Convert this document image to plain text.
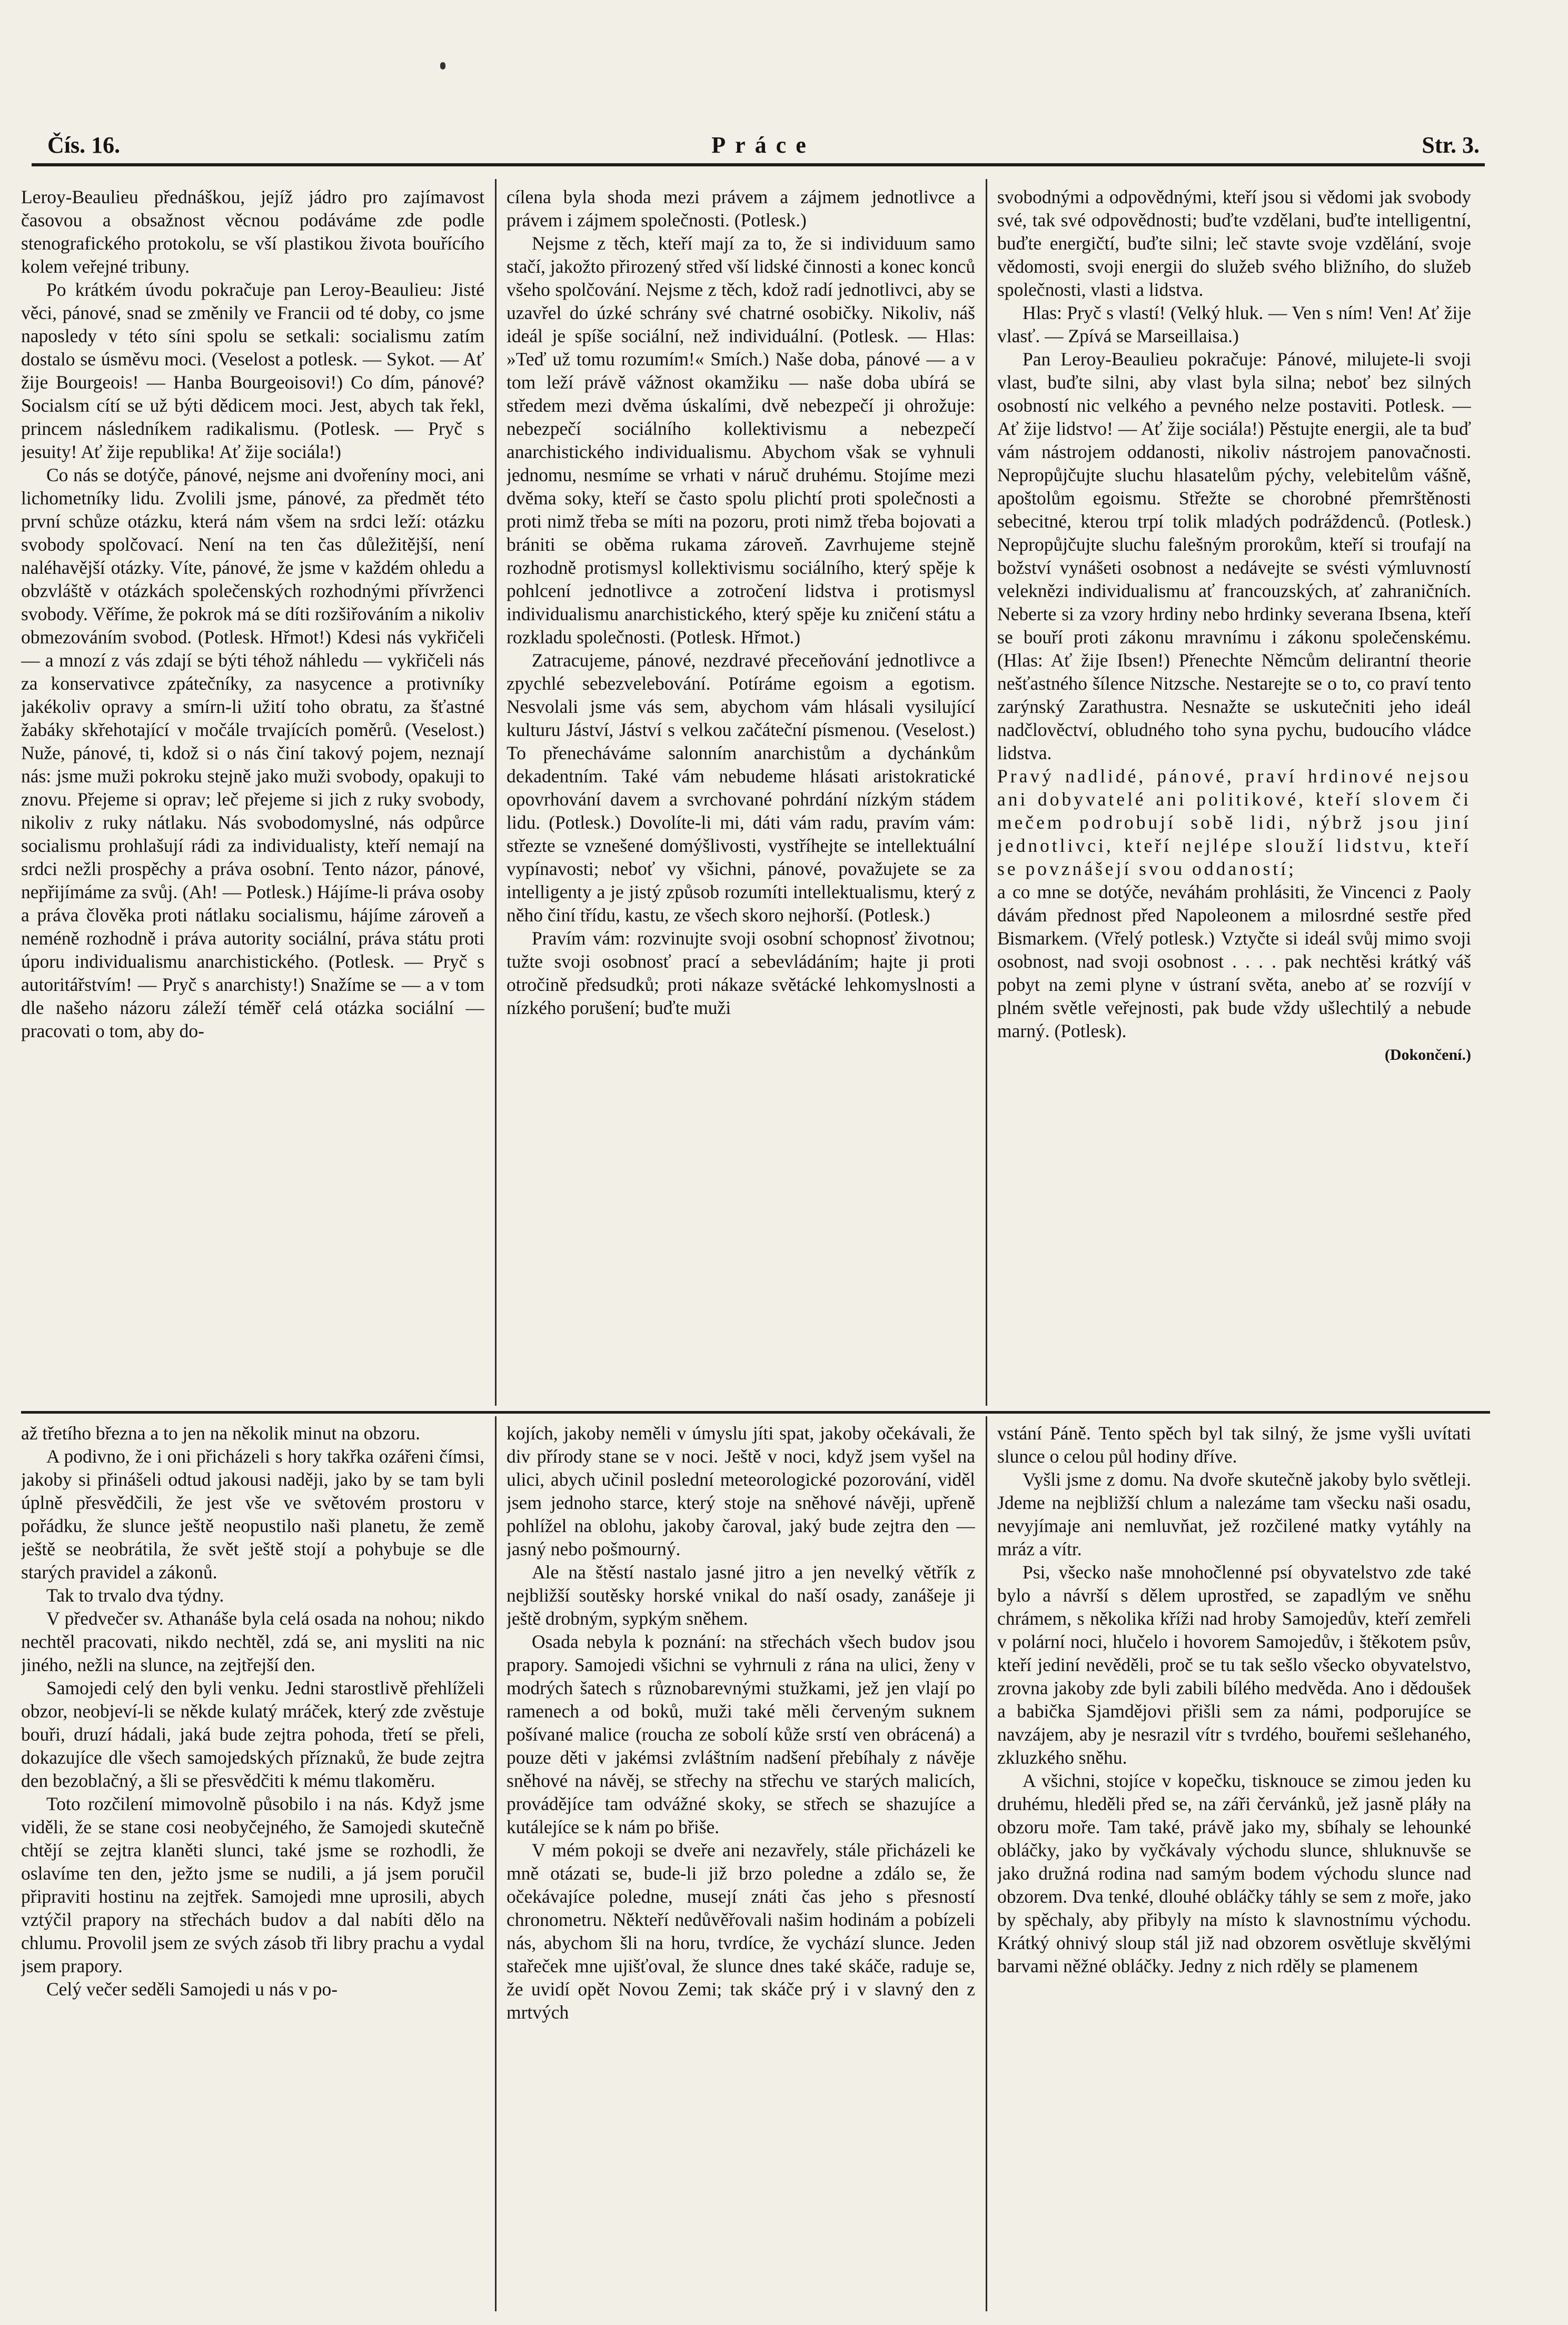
Čís. 16.	Práce	Str. 3.

Leroy-Beaulieu přednáškou, jejíž jádro pro zajímavost časovou a obsažnost věcnou podáváme zde podle stenografického protokolu, se vší plastikou života bouřícího kolem veřejné tribuny.

Po krátkém úvodu pokračuje pan Leroy-Beaulieu: Jisté věci, pánové, snad se změnily ve Francii od té doby, co jsme naposledy v této síni spolu se setkali: socialismu zatím dostalo se úsměvu moci. (Veselost a potlesk. — Sykot. — Ať žije Bourgeois! — Hanba Bourgeoisovi!) Co dím, pánové? Socialsm cítí se už býti dědicem moci. Jest, abych tak řekl, princem následníkem radikalismu. (Potlesk. — Pryč s jesuity! Ať žije republika! Ať žije sociála!)

Co nás se dotýče, pánové, nejsme ani dvořeníny moci, ani lichometníky lidu. Zvolili jsme, pánové, za předmět této první schůze otázku, která nám všem na srdci leží: otázku svobody spolčovací. Není na ten čas důležitější, není naléhavější otázky. Víte, pánové, že jsme v každém ohledu a obzvláště v otázkách společenských rozhodnými přívrženci svobody. Věříme, že pokrok má se díti rozšiřováním a nikoliv obmezováním svobod. (Potlesk. Hřmot!) Kdesi nás vykřičeli — a mnozí z vás zdají se býti téhož náhledu — vykřičeli nás za konservativce zpátečníky, za nasycence a protivníky jakékoliv opravy a smírn-li užití toho obratu, za šťastné žabáky skřehotající v močále trvajících poměrů. (Veselost.) Nuže, pánové, ti, kdož si o nás činí takový pojem, neznají nás: jsme muži pokroku stejně jako muži svobody, opakuji to znovu. Přejeme si oprav; leč přejeme si jich z ruky svobody, nikoliv z ruky nátlaku. Nás svobodomyslné, nás odpůrce socialismu prohlašují rádi za individualisty, kteří nemají na srdci nežli prospěchy a práva osobní. Tento názor, pánové, nepřijímáme za svůj. (Ah! — Potlesk.) Hájíme-li práva osoby a práva člověka proti nátlaku socialismu, hájíme zároveň a neméně rozhodně i práva autority sociální, práva státu proti úporu individualismu anarchistického. (Potlesk. — Pryč s autoritářstvím! — Pryč s anarchisty!) Snažíme se — a v tom dle našeho názoru záleží téměř celá otázka sociální — pracovati o tom, aby do-

cílena byla shoda mezi právem a zájmem jednotlivce a právem i zájmem společnosti. (Potlesk.)

Nejsme z těch, kteří mají za to, že si individuum samo stačí, jakožto přirozený střed vší lidské činnosti a konec konců všeho spolčování. Nejsme z těch, kdož radí jednotlivci, aby se uzavřel do úzké schrány své chatrné osobičky. Nikoliv, náš ideál je spíše sociální, než individuální. (Potlesk. — Hlas: »Teď už tomu rozumím!« Smích.) Naše doba, pánové — a v tom leží právě vážnost okamžiku — naše doba ubírá se středem mezi dvěma úskalími, dvě nebezpečí ji ohrožuje: nebezpečí sociálního kollektivismu a nebezpečí anarchistického individualismu. Abychom však se vyhnuli jednomu, nesmíme se vrhati v náruč druhému. Stojíme mezi dvěma soky, kteří se často spolu plichtí proti společnosti a proti nimž třeba se míti na pozoru, proti nimž třeba bojovati a brániti se oběma rukama zároveň. Zavrhujeme stejně rozhodně protismysl kollektivismu sociálního, který spěje k pohlcení jednotlivce a zotročení lidstva i protismysl individualismu anarchistického, který spěje ku zničení státu a rozkladu společnosti. (Potlesk. Hřmot.)

Zatracujeme, pánové, nezdravé přeceňování jednotlivce a zpychlé sebezvelebování. Potíráme egoism a egotism. Nesvolali jsme vás sem, abychom vám hlásali vysilující kulturu Jáství, Jáství s velkou začáteční písmenou. (Veselost.) To přenecháváme salonním anarchistům a dychánkům dekadentním. Také vám nebudeme hlásati aristokratické opovrhování davem a svrchované pohrdání nízkým stádem lidu. (Potlesk.) Dovolíte-li mi, dáti vám radu, pravím vám: střezte se vznešené domýšlivosti, vystříhejte se intellektuální vypínavosti; neboť vy všichni, pánové, považujete se za intelligenty a je jistý způsob rozumíti intellektualismu, který z něho činí třídu, kastu, ze všech skoro nejhorší. (Potlesk.)

Pravím vám: rozvinujte svoji osobní schopnosť životnou; tužte svoji osobnosť prací a sebevládáním; hajte ji proti otročině předsudků; proti nákaze světácké lehkomyslnosti a nízkého porušení; buďte muži

svobodnými a odpovědnými, kteří jsou si vědomi jak svobody své, tak své odpovědnosti; buďte vzdělani, buďte intelligentní, buďte energičtí, buďte silni; leč stavte svoje vzdělání, svoje vědomosti, svoji energii do služeb svého bližního, do služeb společnosti, vlasti a lidstva.

Hlas: Pryč s vlastí! (Velký hluk. — Ven s ním! Ven! Ať žije vlasť. — Zpívá se Marseillaisa.)

Pan Leroy-Beaulieu pokračuje: Pánové, milujete-li svoji vlast, buďte silni, aby vlast byla silna; neboť bez silných osobností nic velkého a pevného nelze postaviti. Potlesk. — Ať žije lidstvo! — Ať žije sociála!) Pěstujte energii, ale ta buď vám nástrojem oddanosti, nikoliv nástrojem panovačnosti. Nepropůjčujte sluchu hlasatelům pýchy, velebitelům vášně, apoštolům egoismu. Střežte se chorobné přemrštěnosti sebecitné, kterou trpí tolik mladých podráždenců. (Potlesk.) Nepropůjčujte sluchu falešným prorokům, kteří si troufají na božství vynášeti osobnost a nedávejte se svésti výmluvností veleknězi individualismu ať francouzských, ať zahraničních. Neberte si za vzory hrdiny nebo hrdinky severana Ibsena, kteří se bouří proti zákonu mravnímu i zákonu společenskému. (Hlas: Ať žije Ibsen!) Přenechte Němcům delirantní theorie nešťastného šílence Nitzsche. Nestarejte se o to, co praví tento zarýnský Zarathustra. Nesnažte se uskutečniti jeho ideál nadčlověctví, obludného toho syna pychu, budoucího vládce lidstva.

Pravý nadlidé, pánové, praví hrdinové nejsou ani dobyvatelé ani politikové, kteří slovem či mečem podrobují sobě lidi, nýbrž jsou jiní jednotlivci, kteří nejlépe slouží lidstvu, kteří se povznášejí svou oddaností;

a co mne se dotýče, neváhám prohlásiti, že Vincenci z Paoly dávám přednost před Napoleonem a milosrdné sestře před Bismarkem. (Vřelý potlesk.) Vztyčte si ideál svůj mimo svoji osobnost, nad svoji osobnost . . . . pak nechtěsi krátký váš pobyt na zemi plyne v ústraní světa, anebo ať se rozvíjí v plném světle veřejnosti, pak bude vždy ušlechtilý a nebude marný. (Potlesk).

(Dokončení.)

až třetího března a to jen na několik minut na obzoru.

A podivno, že i oni přicházeli s hory takřka ozářeni čímsi, jakoby si přinášeli odtud jakousi naději, jako by se tam byli úplně přesvědčili, že jest vše ve světovém prostoru v pořádku, že slunce ještě neopustilo naši planetu, že země ještě se neobrátila, že svět ještě stojí a pohybuje se dle starých pravidel a zákonů.

Tak to trvalo dva týdny.

V předvečer sv. Athanáše byla celá osada na nohou; nikdo nechtěl pracovati, nikdo nechtěl, zdá se, ani mysliti na nic jiného, nežli na slunce, na zejtřejší den.

Samojedi celý den byli venku. Jedni starostlivě přehlíželi obzor, neobjeví-li se někde kulatý mráček, který zde zvěstuje bouři, druzí hádali, jaká bude zejtra pohoda, třetí se přeli, dokazujíce dle všech samojedských příznaků, že bude zejtra den bezoblačný, a šli se přesvědčiti k mému tlakoměru.

Toto rozčilení mimovolně působilo i na nás. Když jsme viděli, že se stane cosi neobyčejného, že Samojedi skutečně chtějí se zejtra klaněti slunci, také jsme se rozhodli, že oslavíme ten den, ježto jsme se nudili, a já jsem poručil připraviti hostinu na zejtřek. Samojedi mne uprosili, abych vztýčil prapory na střechách budov a dal nabíti dělo na chlumu. Provolil jsem ze svých zásob tři libry prachu a vydal jsem prapory.

Celý večer seděli Samojedi u nás v po-

kojích, jakoby neměli v úmyslu jíti spat, jakoby očekávali, že div přírody stane se v noci. Ještě v noci, když jsem vyšel na ulici, abych učinil poslední meteorologické pozorování, viděl jsem jednoho starce, který stoje na sněhové návěji, upřeně pohlížel na oblohu, jakoby čaroval, jaký bude zejtra den — jasný nebo pošmourný.

Ale na štěstí nastalo jasné jitro a jen nevelký větřík z nejbližší soutěsky horské vnikal do naší osady, zanášeje ji ještě drobným, sypkým sněhem.

Osada nebyla k poznání: na střechách všech budov jsou prapory. Samojedi všichni se vyhrnuli z rána na ulici, ženy v modrých šatech s různobarevnými stužkami, jež jen vlají po ramenech a od boků, muži také měli červeným suknem pošívané malice (roucha ze sobolí kůže srstí ven obrácená) a pouze děti v jakémsi zvláštním nadšení přebíhaly z návěje sněhové na návěj, se střechy na střechu ve starých malicích, provádějíce tam odvážné skoky, se střech se shazujíce a kutálejíce se k nám po břiše.

V mém pokoji se dveře ani nezavřely, stále přicházeli ke mně otázati se, bude-li již brzo poledne a zdálo se, že očekávajíce poledne, musejí znáti čas jeho s přesností chronometru. Někteří nedůvěřovali našim hodinám a pobízeli nás, abychom šli na horu, tvrdíce, že vychází slunce. Jeden stařeček mne ujišťoval, že slunce dnes také skáče, raduje se, že uvidí opět Novou Zemi; tak skáče prý i v slavný den z mrtvých

vstání Páně. Tento spěch byl tak silný, že jsme vyšli uvítati slunce o celou půl hodiny dříve.

Vyšli jsme z domu. Na dvoře skutečně jakoby bylo světleji. Jdeme na nejbližší chlum a nalezáme tam všecku naši osadu, nevyjímaje ani nemluvňat, jež rozčilené matky vytáhly na mráz a vítr.

Psi, všecko naše mnohočlenné psí obyvatelstvo zde také bylo a návrší s dělem uprostřed, se zapadlým ve sněhu chrámem, s několika kříži nad hroby Samojedův, kteří zemřeli v polární noci, hlučelo i hovorem Samojedův, i štěkotem psův, kteří jediní nevěděli, proč se tu tak sešlo všecko obyvatelstvo, zrovna jakoby zde byli zabili bílého medvěda. Ano i dědoušek a babička Sjamdějovi přišli sem za námi, podporujíce se navzájem, aby je nesrazil vítr s tvrdého, bouřemi sešlehaného, zkluzkého sněhu.

A všichni, stojíce v kopečku, tisknouce se zimou jeden ku druhému, hleděli před se, na záři červánků, jež jasně pláły na obzoru moře. Tam také, právě jako my, sbíhaly se lehounké obláčky, jako by vyčkávaly východu slunce, shluknuvše se jako družná rodina nad samým bodem východu slunce nad obzorem. Dva tenké, dlouhé obláčky táhly se sem z moře, jako by spěchaly, aby přibyly na místo k slavnostnímu východu. Krátký ohnivý sloup stál již nad obzorem osvětluje skvělými barvami něžné obláčky. Jedny z nich rděly se plamenem
